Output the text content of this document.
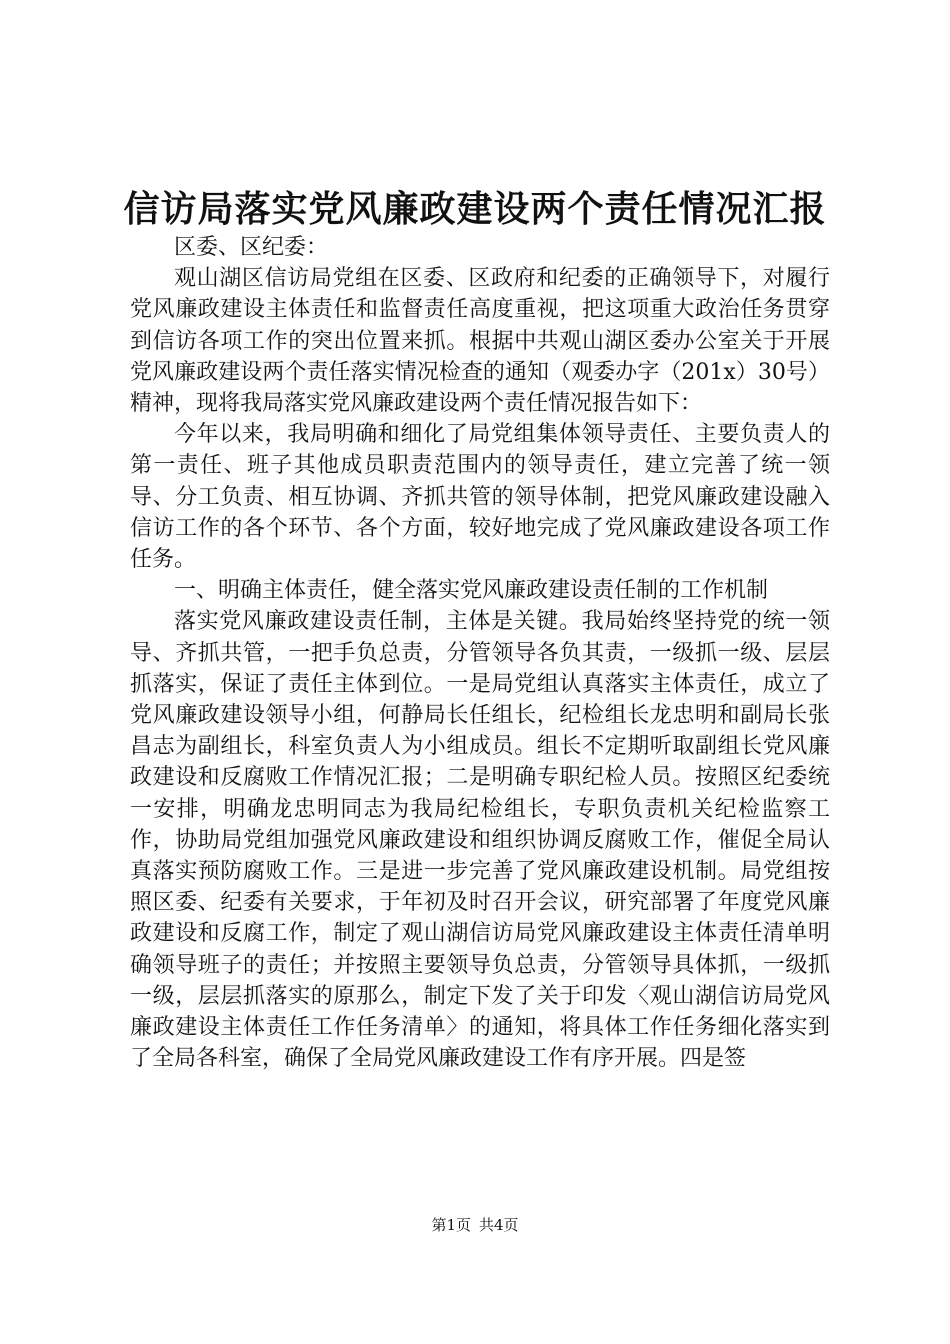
信访局落实党风廉政建设两个责任情况汇报

区委、区纪委：

观山湖区信访局党组在区委、区政府和纪委的正确领导下，对履行党风廉政建设主体责任和监督责任高度重视，把这项重大政治任务贯穿到信访各项工作的突出位置来抓。根据中共观山湖区委办公室关于开展党风廉政建设两个责任落实情况检查的通知（观委办字（201x）30号）精神，现将我局落实党风廉政建设两个责任情况报告如下：

今年以来，我局明确和细化了局党组集体领导责任、主要负责人的第一责任、班子其他成员职责范围内的领导责任，建立完善了统一领导、分工负责、相互协调、齐抓共管的领导体制，把党风廉政建设融入信访工作的各个环节、各个方面，较好地完成了党风廉政建设各项工作任务。

一、明确主体责任，健全落实党风廉政建设责任制的工作机制

落实党风廉政建设责任制，主体是关键。我局始终坚持党的统一领导、齐抓共管，一把手负总责，分管领导各负其责，一级抓一级、层层抓落实，保证了责任主体到位。一是局党组认真落实主体责任，成立了党风廉政建设领导小组，何静局长任组长，纪检组长龙忠明和副局长张昌志为副组长，科室负责人为小组成员。组长不定期听取副组长党风廉政建设和反腐败工作情况汇报；二是明确专职纪检人员。按照区纪委统一安排，明确龙忠明同志为我局纪检组长，专职负责机关纪检监察工作，协助局党组加强党风廉政建设和组织协调反腐败工作，催促全局认真落实预防腐败工作。三是进一步完善了党风廉政建设机制。局党组按照区委、纪委有关要求，于年初及时召开会议，研究部署了年度党风廉政建设和反腐工作，制定了观山湖信访局党风廉政建设主体责任清单明确领导班子的责任；并按照主要领导负总责，分管领导具体抓，一级抓一级，层层抓落实的原那么，制定下发了关于印发〈观山湖信访局党风廉政建设主体责任工作任务清单〉的通知，将具体工作任务细化落实到了全局各科室，确保了全局党风廉政建设工作有序开展。四是签

第1页 共4页
